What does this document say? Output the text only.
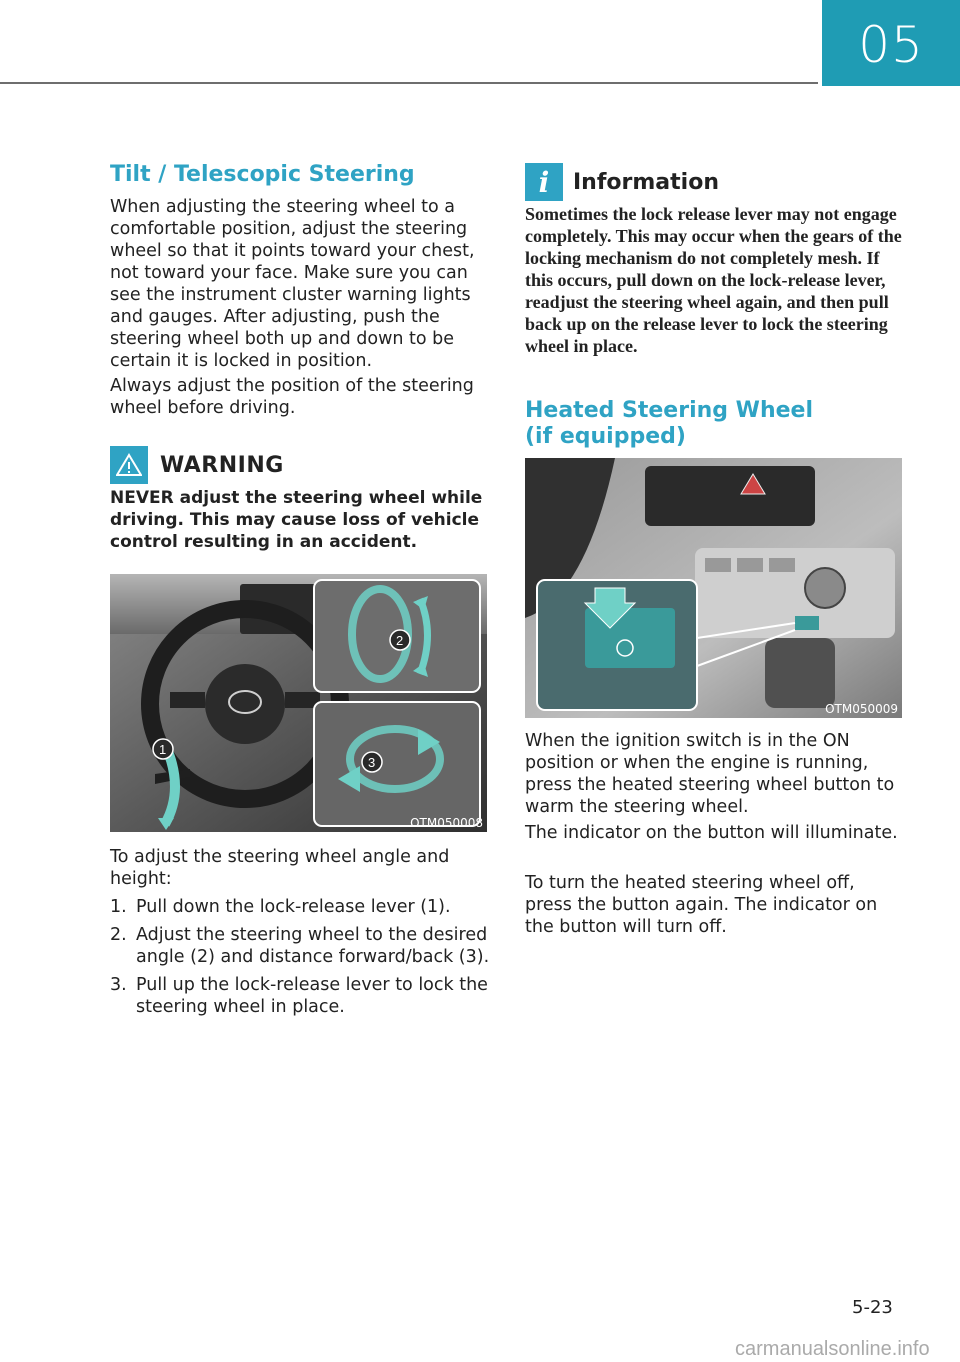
05
Tilt / Telescopic Steering

When adjusting the steering wheel to a comfortable position, adjust the steering wheel so that it points toward your chest, not toward your face. Make sure you can see the instrument cluster warning lights and gauges. After adjusting, push the steering wheel both up and down to be certain it is locked in position.

Always adjust the position of the steering wheel before driving.

WARNING

NEVER adjust the steering wheel while driving. This may cause loss of vehicle control resulting in an accident.

1
2
3
OTM050008

To adjust the steering wheel angle and height:

1. Pull down the lock-release lever (1).
2. Adjust the steering wheel to the desired angle (2) and distance forward/back (3).
3. Pull up the lock-release lever to lock the steering wheel in place.
i	Information

Sometimes the lock release lever may not engage completely. This may occur when the gears of the locking mechanism do not completely mesh. If this occurs, pull down on the lock-release lever, readjust the steering wheel again, and then pull back up on the release lever to lock the steering wheel in place.

Heated Steering Wheel
(if equipped)
OTM050009

When the ignition switch is in the ON position or when the engine is running, press the heated steering wheel button to warm the steering wheel.

The indicator on the button will illuminate.

To turn the heated steering wheel off, press the button again. The indicator on the button will turn off.

5-23
carmanualsonline.info
